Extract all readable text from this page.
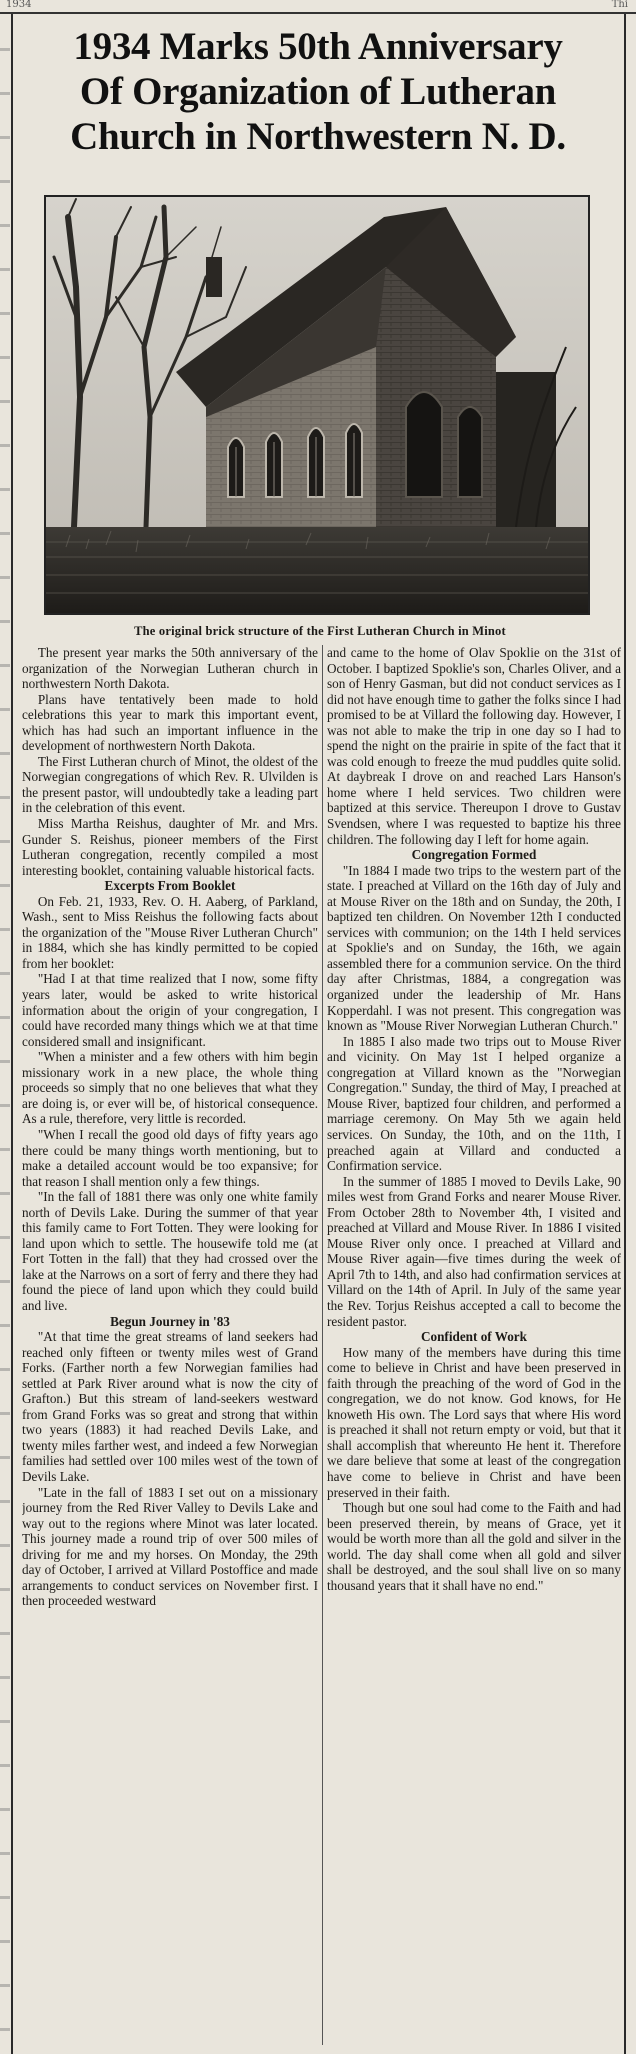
1934	Thi
1934 Marks 50th Anniversary
Of Organization of Lutheran
Church in Northwestern N. D.
The original brick structure of the First Lutheran Church in Minot

The present year marks the 50th anniversary of the organization of the Norwegian Lutheran church in northwestern North Dakota.

Plans have tentatively been made to hold celebrations this year to mark this important event, which has had such an important influence in the development of northwestern North Dakota.

The First Lutheran church of Minot, the oldest of the Norwegian congregations of which Rev. R. Ulvilden is the present pastor, will undoubtedly take a leading part in the celebration of this event.

Miss Martha Reishus, daughter of Mr. and Mrs. Gunder S. Reishus, pioneer members of the First Lutheran congregation, recently compiled a most interesting booklet, containing valuable historical facts.

Excerpts From Booklet

On Feb. 21, 1933, Rev. O. H. Aaberg, of Parkland, Wash., sent to Miss Reishus the following facts about the organization of the "Mouse River Lutheran Church" in 1884, which she has kindly permitted to be copied from her booklet:

"Had I at that time realized that I now, some fifty years later, would be asked to write historical information about the origin of your congregation, I could have recorded many things which we at that time considered small and insignificant.

"When a minister and a few others with him begin missionary work in a new place, the whole thing proceeds so simply that no one believes that what they are doing is, or ever will be, of historical consequence. As a rule, therefore, very little is recorded.

"When I recall the good old days of fifty years ago there could be many things worth mentioning, but to make a detailed account would be too expansive; for that reason I shall mention only a few things.

"In the fall of 1881 there was only one white family north of Devils Lake. During the summer of that year this family came to Fort Totten. They were looking for land upon which to settle. The housewife told me (at Fort Totten in the fall) that they had crossed over the lake at the Narrows on a sort of ferry and there they had found the piece of land upon which they could build and live.

Begun Journey in '83

"At that time the great streams of land seekers had reached only fifteen or twenty miles west of Grand Forks. (Farther north a few Norwegian families had settled at Park River around what is now the city of Grafton.) But this stream of land-seekers westward from Grand Forks was so great and strong that within two years (1883) it had reached Devils Lake, and twenty miles farther west, and indeed a few Norwegian families had settled over 100 miles west of the town of Devils Lake.

"Late in the fall of 1883 I set out on a missionary journey from the Red River Valley to Devils Lake and way out to the regions where Minot was later located. This journey made a round trip of over 500 miles of driving for me and my horses. On Monday, the 29th day of October, I arrived at Villard Postoffice and made arrangements to conduct services on November first. I then proceeded westward

and came to the home of Olav Spokliе on the 31st of October. I baptized Spoklie's son, Charles Oliver, and a son of Henry Gasman, but did not conduct services as I did not have enough time to gather the folks since I had promised to be at Villard the following day. However, I was not able to make the trip in one day so I had to spend the night on the prairie in spite of the fact that it was cold enough to freeze the mud puddles quite solid. At daybreak I drove on and reached Lars Hanson's home where I held services. Two children were baptized at this service. Thereupon I drove to Gustav Svendsen, where I was requested to baptize his three children. The following day I left for home again.

Congregation Formed

"In 1884 I made two trips to the western part of the state. I preached at Villard on the 16th day of July and at Mouse River on the 18th and on Sunday, the 20th, I baptized ten children. On November 12th I conducted services with communion; on the 14th I held services at Spoklie's and on Sunday, the 16th, we again assembled there for a communion service. On the third day after Christmas, 1884, a congregation was organized under the leadership of Mr. Hans Kopperdahl. I was not present. This congregation was known as "Mouse River Norwegian Lutheran Church."

In 1885 I also made two trips out to Mouse River and vicinity. On May 1st I helped organize a congregation at Villard known as the "Norwegian Congregation." Sunday, the third of May, I preached at Mouse River, baptized four children, and performed a marriage ceremony. On May 5th we again held services. On Sunday, the 10th, and on the 11th, I preached again at Villard and conducted a Confirmation service.

In the summer of 1885 I moved to Devils Lake, 90 miles west from Grand Forks and nearer Mouse River. From October 28th to November 4th, I visited and preached at Villard and Mouse River. In 1886 I visited Mouse River only once. I preached at Villard and Mouse River again—five times during the week of April 7th to 14th, and also had confirmation services at Villard on the 14th of April. In July of the same year the Rev. Torjus Reishus accepted a call to become the resident pastor.

Confident of Work

How many of the members have during this time come to believe in Christ and have been preserved in faith through the preaching of the word of God in the congregation, we do not know. God knows, for He knoweth His own. The Lord says that where His word is preached it shall not return empty or void, but that it shall accomplish that whereunto He hent it. Therefore we dare believe that some at least of the congregation have come to believe in Christ and have been preserved in their faith.

Though but one soul had come to the Faith and had been preserved therein, by means of Grace, yet it would be worth more than all the gold and silver in the world. The day shall come when all gold and silver shall be destroyed, and the soul shall live on so many thousand years that it shall have no end."
